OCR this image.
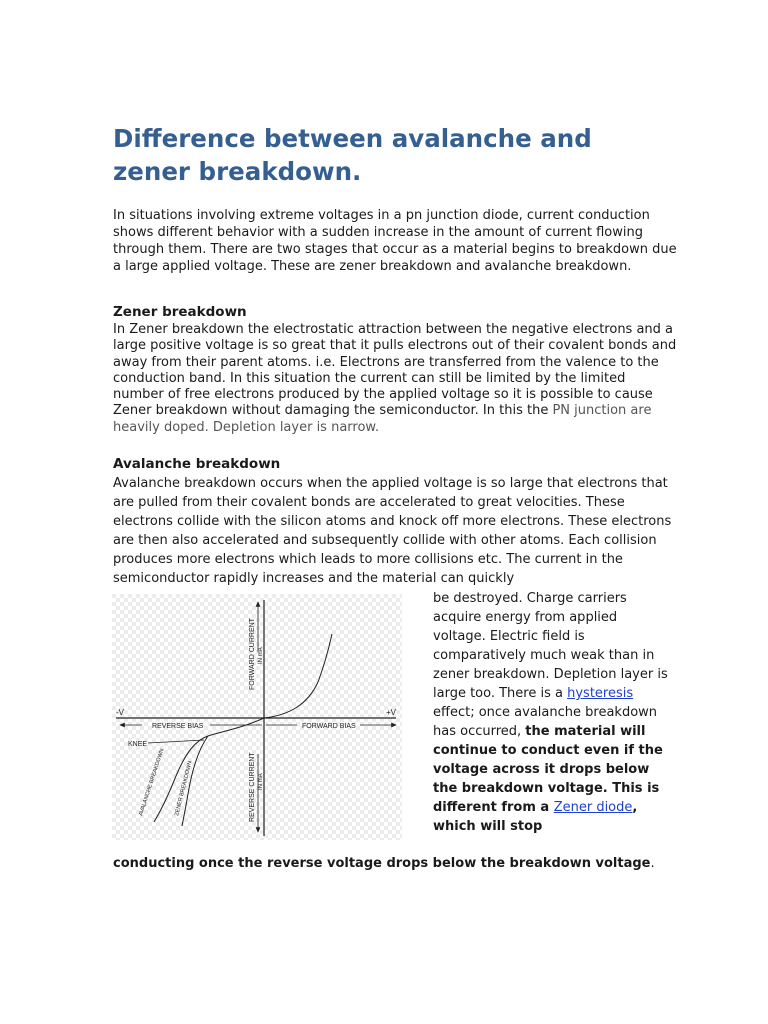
Difference between avalanche and zener breakdown.

In situations involving extreme voltages in a pn junction diode, current conduction shows different behavior with a sudden increase in the amount of current flowing through them. There are two stages that occur as a material begins to breakdown due a large applied voltage. These are zener breakdown and avalanche breakdown.

Zener breakdown

In Zener breakdown the electrostatic attraction between the negative electrons and a large positive voltage is so great that it pulls electrons out of their covalent bonds and away from their parent atoms. i.e. Electrons are transferred from the valence to the conduction band. In this situation the current can still be limited by the limited number of free electrons produced by the applied voltage so it is possible to cause Zener breakdown without damaging the semiconductor. In this the PN junction are heavily doped. Depletion layer is narrow.

Avalanche breakdown

Avalanche breakdown occurs when the applied voltage is so large that electrons that are pulled from their covalent bonds are accelerated to great velocities. These electrons collide with the silicon atoms and knock off more electrons. These electrons are then also accelerated and subsequently collide with other atoms. Each collision produces more electrons which leads to more collisions etc. The current in the semiconductor rapidly increases and the material can quickly

-V	+V
REVERSE BIAS	FORWARD BIAS
FORWARD CURRENT IN mA
REVERSE CURRENT IN mA
KNEE
AVALANCHE BREAKDOWN ZENER BREAKDOWN

be destroyed. Charge carriers acquire energy from applied voltage. Electric field is comparatively much weak than in zener breakdown. Depletion layer is large too. There is a hysteresis effect; once avalanche breakdown has occurred, the material will continue to conduct even if the voltage across it drops below the breakdown voltage. This is different from a Zener diode, which will stop

conducting once the reverse voltage drops below the breakdown voltage.
